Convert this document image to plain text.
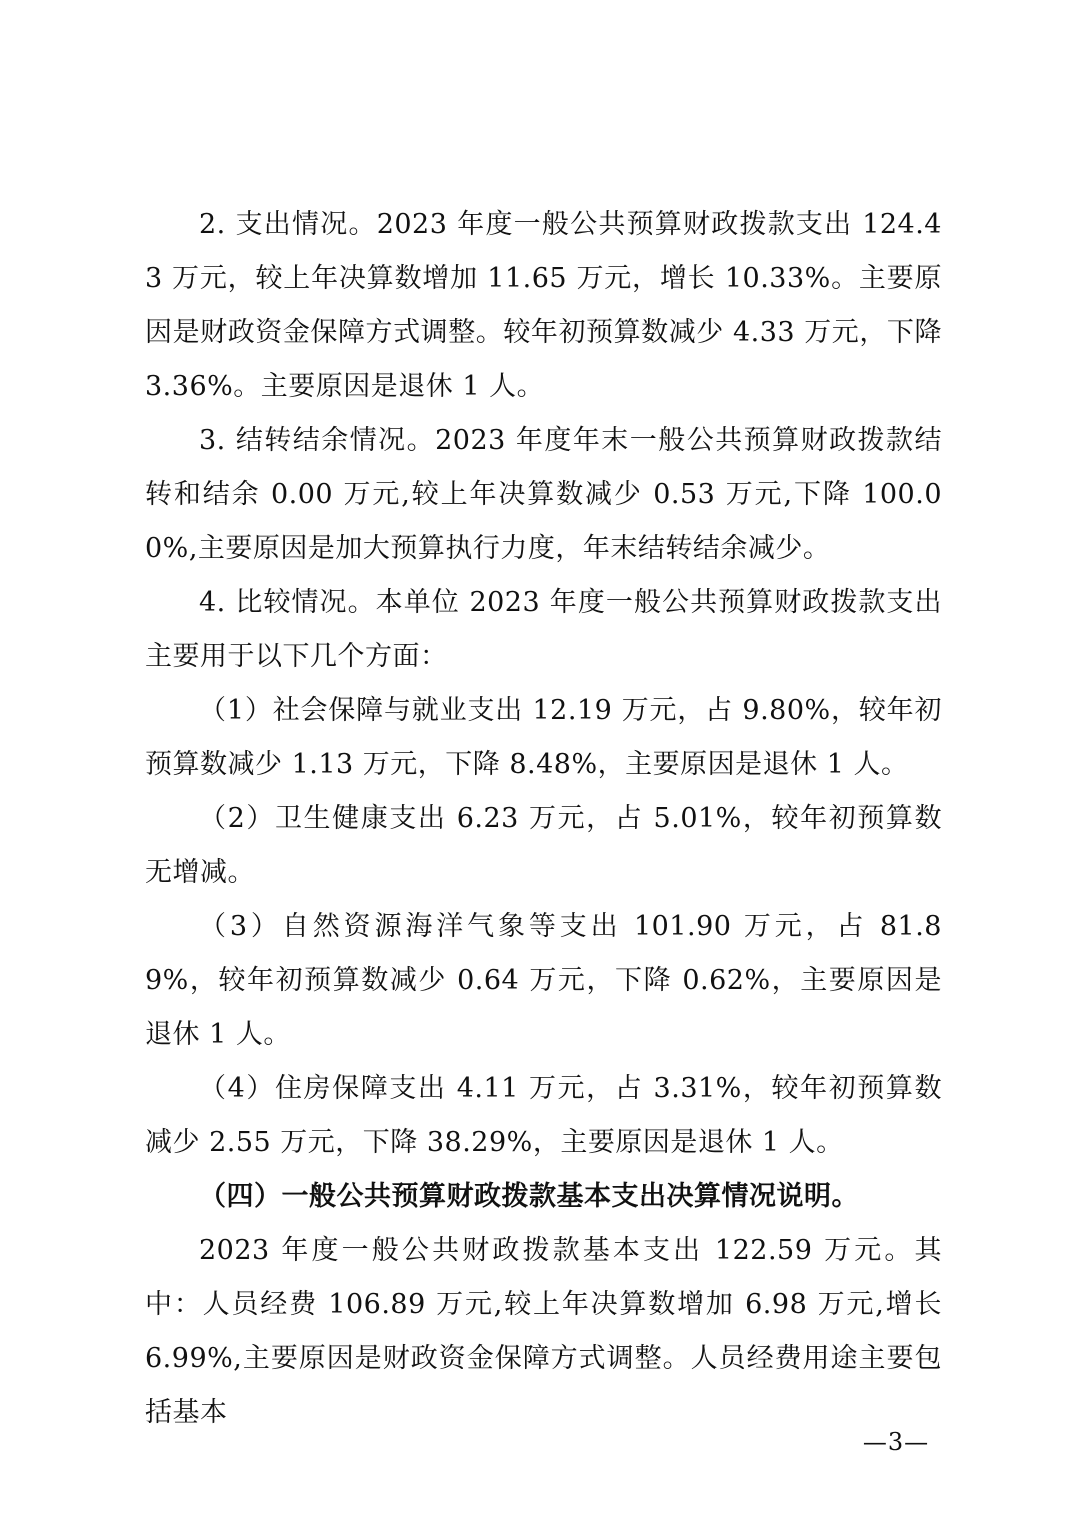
2. 支出情况。2023 年度一般公共预算财政拨款支出 124.43 万元，较上年决算数增加 11.65 万元，增长 10.33%。主要原因是财政资金保障方式调整。较年初预算数减少 4.33 万元，下降 3.36%。主要原因是退休 1 人。

3. 结转结余情况。2023 年度年末一般公共预算财政拨款结转和结余 0.00 万元,较上年决算数减少 0.53 万元,下降 100.00%,主要原因是加大预算执行力度，年末结转结余减少。

4. 比较情况。本单位 2023 年度一般公共预算财政拨款支出主要用于以下几个方面：

（1）社会保障与就业支出 12.19 万元，占 9.80%，较年初预算数减少 1.13 万元，下降 8.48%，主要原因是退休 1 人。

（2）卫生健康支出 6.23 万元，占 5.01%，较年初预算数无增减。

（3）自然资源海洋气象等支出 101.90 万元，占 81.89%，较年初预算数减少 0.64 万元，下降 0.62%，主要原因是退休 1 人。

（4）住房保障支出 4.11 万元，占 3.31%，较年初预算数减少 2.55 万元，下降 38.29%，主要原因是退休 1 人。

（四）一般公共预算财政拨款基本支出决算情况说明。

2023 年度一般公共财政拨款基本支出 122.59 万元。其中：人员经费 106.89 万元,较上年决算数增加 6.98 万元,增长 6.99%,主要原因是财政资金保障方式调整。人员经费用途主要包括基本

—3—
